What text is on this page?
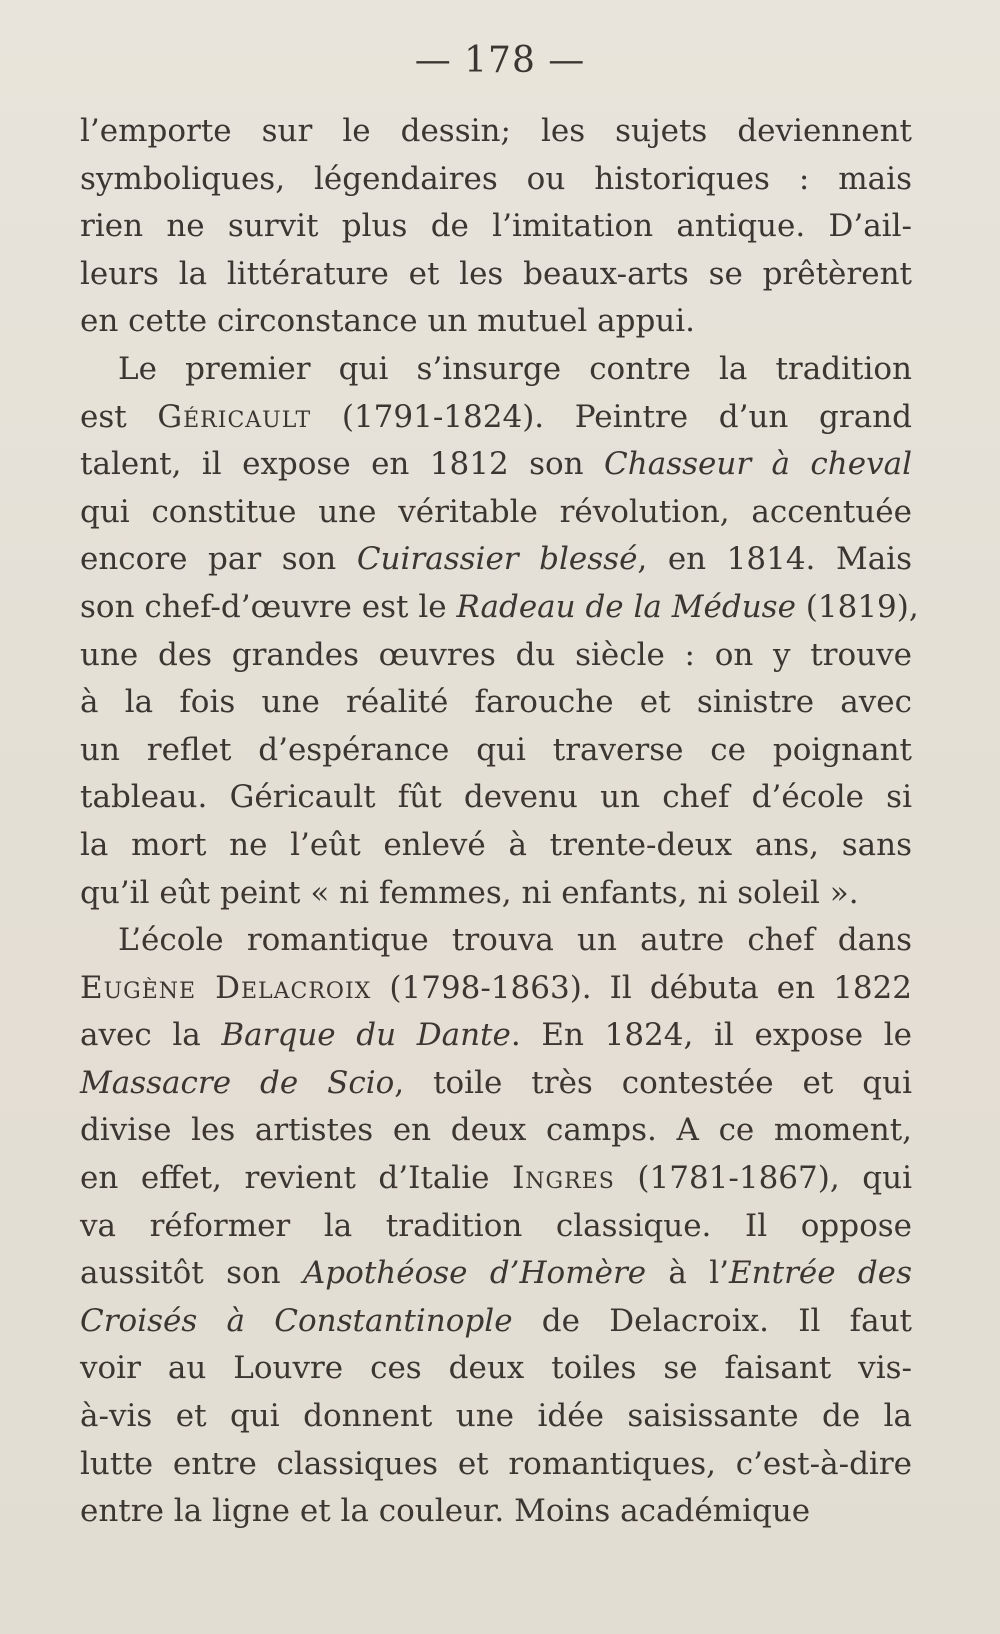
— 178 —
l’emporte sur le dessin; les sujets deviennent
symboliques, légendaires ou historiques : mais
rien ne survit plus de l’imitation antique. D’ail-
leurs la littérature et les beaux-arts se prêtèrent
en cette circonstance un mutuel appui.
Le premier qui s’insurge contre la tradition
est Géricault (1791-1824). Peintre d’un grand
talent, il expose en 1812 son Chasseur à cheval
qui constitue une véritable révolution, accentuée
encore par son Cuirassier blessé, en 1814. Mais
son chef-d’œuvre est le Radeau de la Méduse (1819),
une des grandes œuvres du siècle : on y trouve
à la fois une réalité farouche et sinistre avec
un reflet d’espérance qui traverse ce poignant
tableau. Géricault fût devenu un chef d’école si
la mort ne l’eût enlevé à trente-deux ans, sans
qu’il eût peint « ni femmes, ni enfants, ni soleil ».
L’école romantique trouva un autre chef dans
Eugène Delacroix (1798-1863). Il débuta en 1822
avec la Barque du Dante. En 1824, il expose le
Massacre de Scio, toile très contestée et qui
divise les artistes en deux camps. A ce moment,
en effet, revient d’Italie Ingres (1781-1867), qui
va réformer la tradition classique. Il oppose
aussitôt son Apothéose d’Homère à l’Entrée des
Croisés à Constantinople de Delacroix. Il faut
voir au Louvre ces deux toiles se faisant vis-
à-vis et qui donnent une idée saisissante de la
lutte entre classiques et romantiques, c’est-à-dire
entre la ligne et la couleur. Moins académique
